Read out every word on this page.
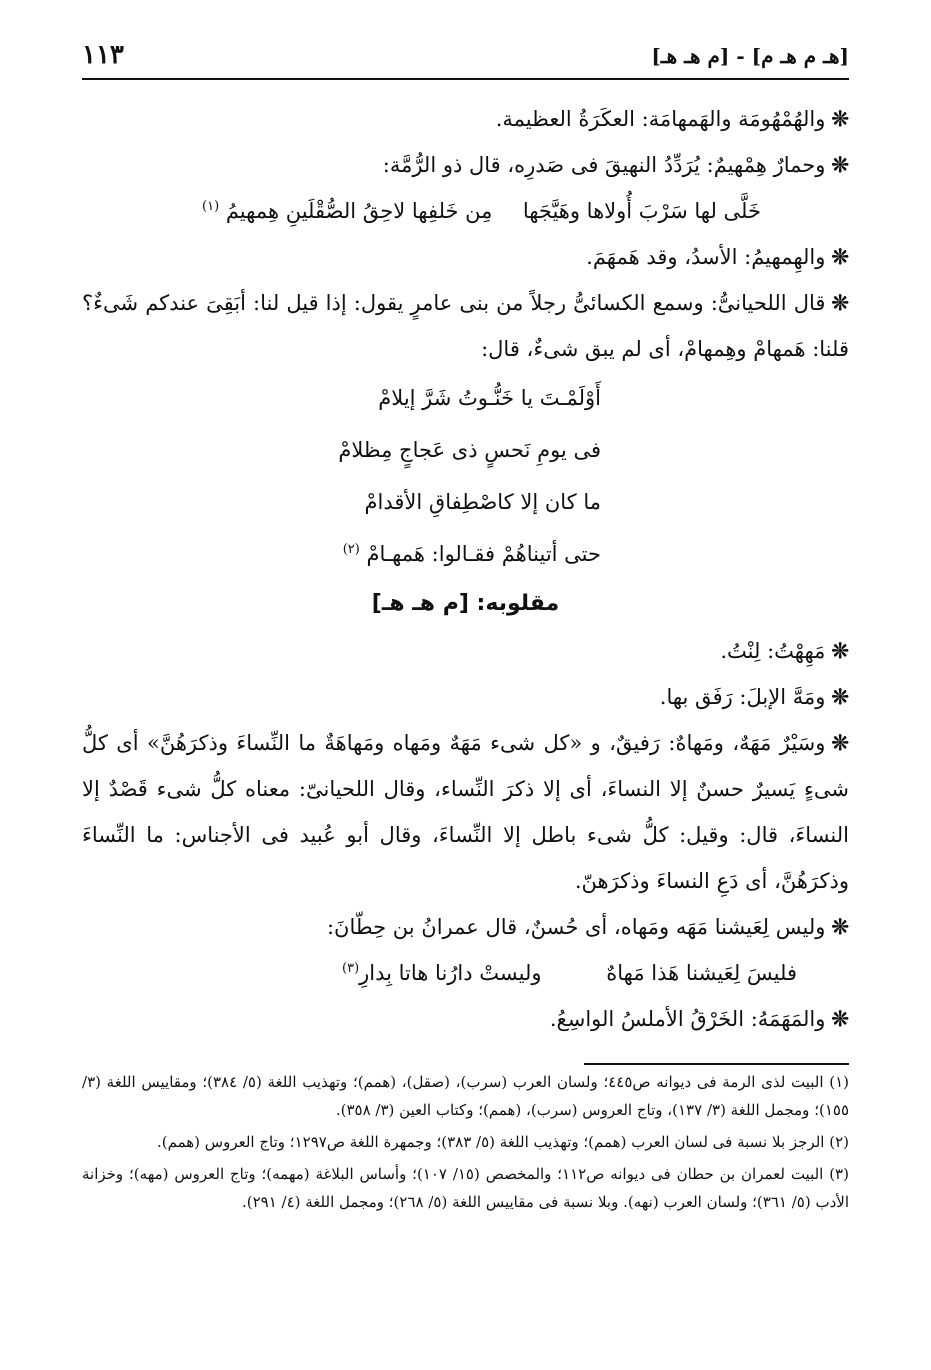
[هـ م هـ م] - [م هـ هـ]
١١٣

❊والهُمْهُومَة والهَمهامَة: العكَرَةُ العظيمة.

❊وحمارٌ هِمْهيمٌ: يُرَدِّدُ النهيقَ فى صَدرِه، قال ذو الرُّمَّة:

خَلَّى لها سَرْبَ أُولاها وهَيَّجَها
مِن خَلفِها لاحِقُ الصُّقْلَينِ هِمهيمُ $^{(١)}$

❊والهِمهيمُ: الأسدُ، وقد هَمهَمَ.

❊قال اللحيانىُّ: وسمع الكسائىُّ رجلاً من بنى عامرٍ يقول: إذا قيل لنا: أبَقِىَ عندكم شَىءٌ؟ قلنا: هَمهامْ وهِمهامْ، أى لم يبق شىءٌ، قال:

أَوْلَمْـتَ يا خَنُّـوتُ شَرَّ إيلامْ
فى يومِ نَحسٍ ذى عَجاجٍ مِظلامْ
ما كان إلا كاصْطِفاقِ الأقدامْ
حتى أتيناهُمْ فقـالوا: هَمهـامْ $^{(٢)}$
مقلوبه: [م هـ هـ]

❊مَهِهْتُ: لِنْتُ.

❊ومَهَّ الإبلَ: رَفَق بها.

❊وسَيْرٌ مَهَهٌ، ومَهاهٌ: رَفيقٌ، و «كل شىء مَهَهٌ ومَهاه ومَهاهَةٌ ما النِّساءَ وذكرَهُنَّ» أى كلُّ شىءٍ يَسيرٌ حسنٌ إلا النساءَ، أى إلا ذكرَ النِّساء، وقال اللحيانىّ: معناه كلُّ شىء قَصْدٌ إلا النساءَ، قال: وقيل: كلُّ شىء باطل إلا النِّساءَ، وقال أبو عُبيد فى الأجناس: ما النِّساءَ وذكرَهُنَّ، أى دَعِ النساءَ وذكرَهنّ.

❊وليس لِعَيشنا مَهَه ومَهاه، أى حُسنٌ، قال عمرانُ بن حِطّانَ:

فليسَ لِعَيشنا هَذا مَهاهٌ
وليستْ دارُنا هاتا بِدارِ$^{(٣)}$

❊والمَهَمَهُ: الخَرْقُ الأملسُ الواسِعُ.

(١) البيت لذى الرمة فى ديوانه ص٤٤٥؛ ولسان العرب (سرب)، (صقل)، (همم)؛ وتهذيب اللغة (٥/ ٣٨٤)؛ ومقاييس اللغة (٣/ ١٥٥)؛ ومجمل اللغة (٣/ ١٣٧)، وتاج العروس (سرب)، (همم)؛ وكتاب العين (٣/ ٣٥٨).

(٢) الرجز بلا نسبة فى لسان العرب (همم)؛ وتهذيب اللغة (٥/ ٣٨٣)؛ وجمهرة اللغة ص١٢٩٧؛ وتاج العروس (همم).

(٣) البيت لعمران بن حطان فى ديوانه ص١١٢؛ والمخصص (١٥/ ١٠٧)؛ وأساس البلاغة (مهمه)؛ وتاج العروس (مهه)؛ وخزانة الأدب (٥/ ٣٦١)؛ ولسان العرب (نهه). وبلا نسبة فى مقاييس اللغة (٥/ ٢٦٨)؛ ومجمل اللغة (٤/ ٢٩١).
